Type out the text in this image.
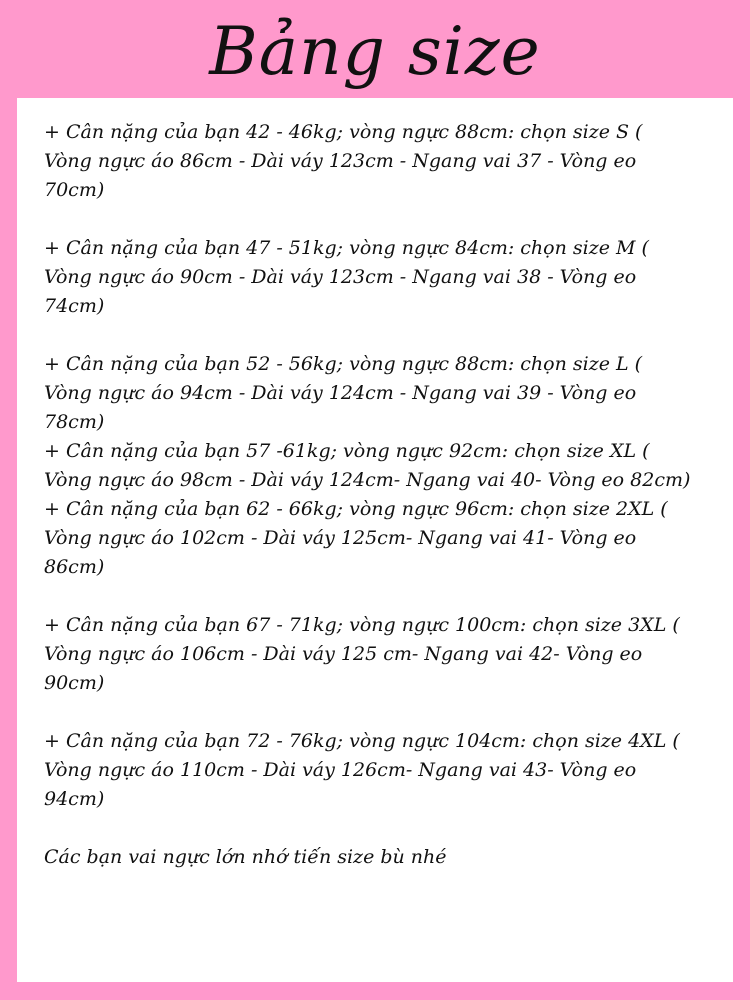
Bảng size

+ Cân nặng của bạn 42 - 46kg; vòng ngực 88cm: chọn size S ( Vòng ngực áo 86cm - Dài váy 123cm - Ngang vai 37 - Vòng eo 70cm)

+ Cân nặng của bạn 47 - 51kg; vòng ngực 84cm: chọn size M ( Vòng ngực áo 90cm - Dài váy 123cm - Ngang vai 38 - Vòng eo 74cm)

+ Cân nặng của bạn 52 - 56kg; vòng ngực 88cm: chọn size L ( Vòng ngực áo 94cm - Dài váy 124cm - Ngang vai 39 - Vòng eo 78cm)

+ Cân nặng của bạn 57 -61kg; vòng ngực 92cm: chọn size XL ( Vòng ngực áo 98cm - Dài váy 124cm- Ngang vai 40- Vòng eo 82cm)

+ Cân nặng của bạn 62 - 66kg; vòng ngực 96cm: chọn size 2XL ( Vòng ngực áo 102cm - Dài váy 125cm- Ngang vai 41- Vòng eo 86cm)

+ Cân nặng của bạn 67 - 71kg; vòng ngực 100cm: chọn size 3XL ( Vòng ngực áo 106cm - Dài váy 125 cm- Ngang vai 42- Vòng eo 90cm)

+ Cân nặng của bạn 72 - 76kg; vòng ngực 104cm: chọn size 4XL ( Vòng ngực áo 110cm - Dài váy 126cm- Ngang vai 43- Vòng eo 94cm)

Các bạn vai ngực lớn nhớ tiến size bù nhé
